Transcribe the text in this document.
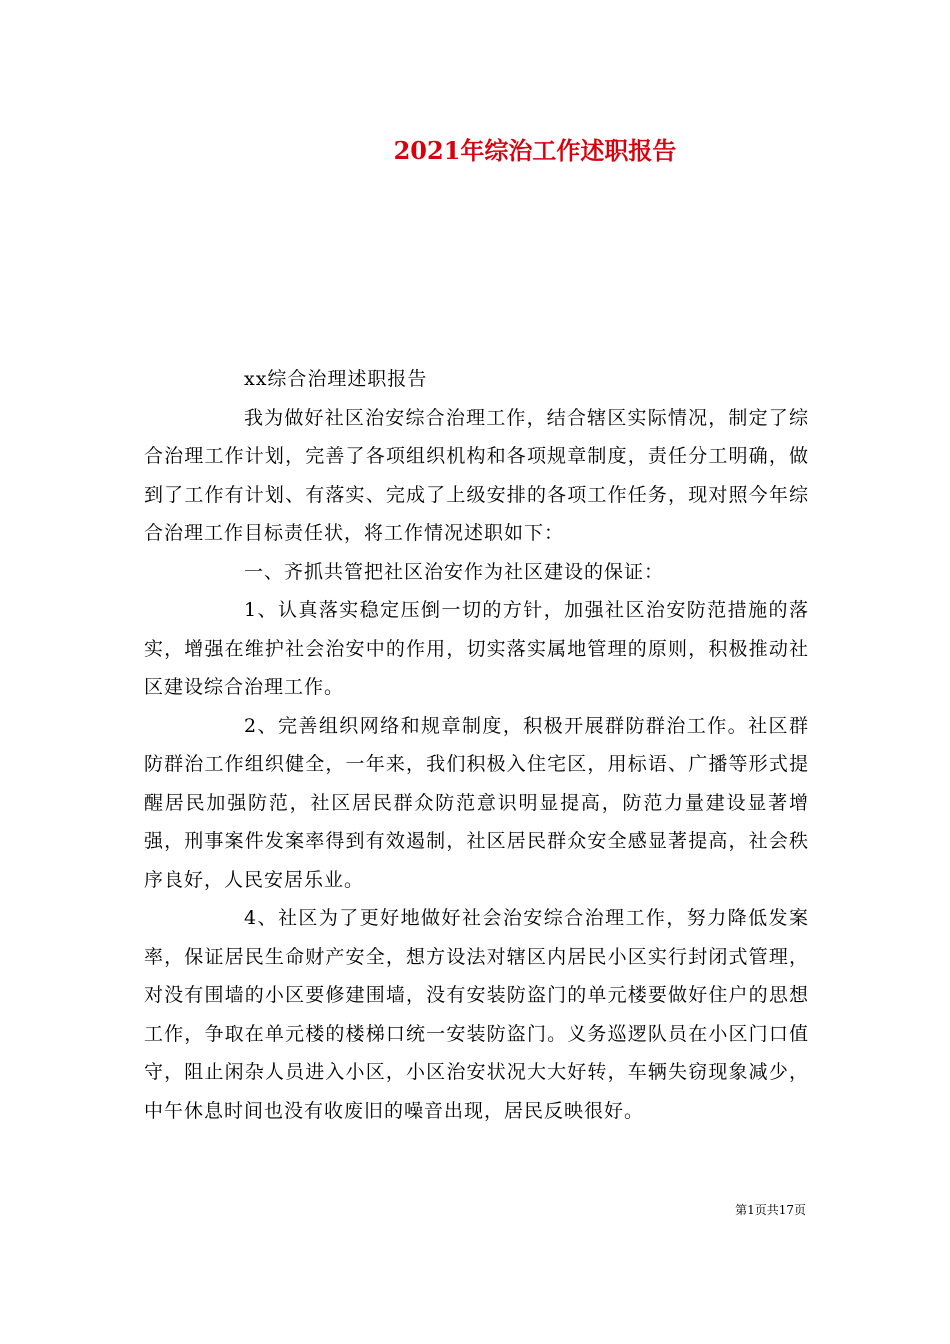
2021年综治工作述职报告

xx综合治理述职报告

我为做好社区治安综合治理工作，结合辖区实际情况，制定了综合治理工作计划，完善了各项组织机构和各项规章制度，责任分工明确，做到了工作有计划、有落实、完成了上级安排的各项工作任务，现对照今年综合治理工作目标责任状，将工作情况述职如下：

一、齐抓共管把社区治安作为社区建设的保证：

1、认真落实稳定压倒一切的方针，加强社区治安防范措施的落实，增强在维护社会治安中的作用，切实落实属地管理的原则，积极推动社区建设综合治理工作。

2、完善组织网络和规章制度，积极开展群防群治工作。社区群防群治工作组织健全，一年来，我们积极入住宅区，用标语、广播等形式提醒居民加强防范，社区居民群众防范意识明显提高，防范力量建设显著增强，刑事案件发案率得到有效遏制，社区居民群众安全感显著提高，社会秩序良好，人民安居乐业。

4、社区为了更好地做好社会治安综合治理工作，努力降低发案率，保证居民生命财产安全，想方设法对辖区内居民小区实行封闭式管理，对没有围墙的小区要修建围墙，没有安装防盗门的单元楼要做好住户的思想工作，争取在单元楼的楼梯口统一安装防盗门。义务巡逻队员在小区门口值守，阻止闲杂人员进入小区，小区治安状况大大好转，车辆失窃现象减少，中午休息时间也没有收废旧的噪音出现，居民反映很好。

第1页共17页
